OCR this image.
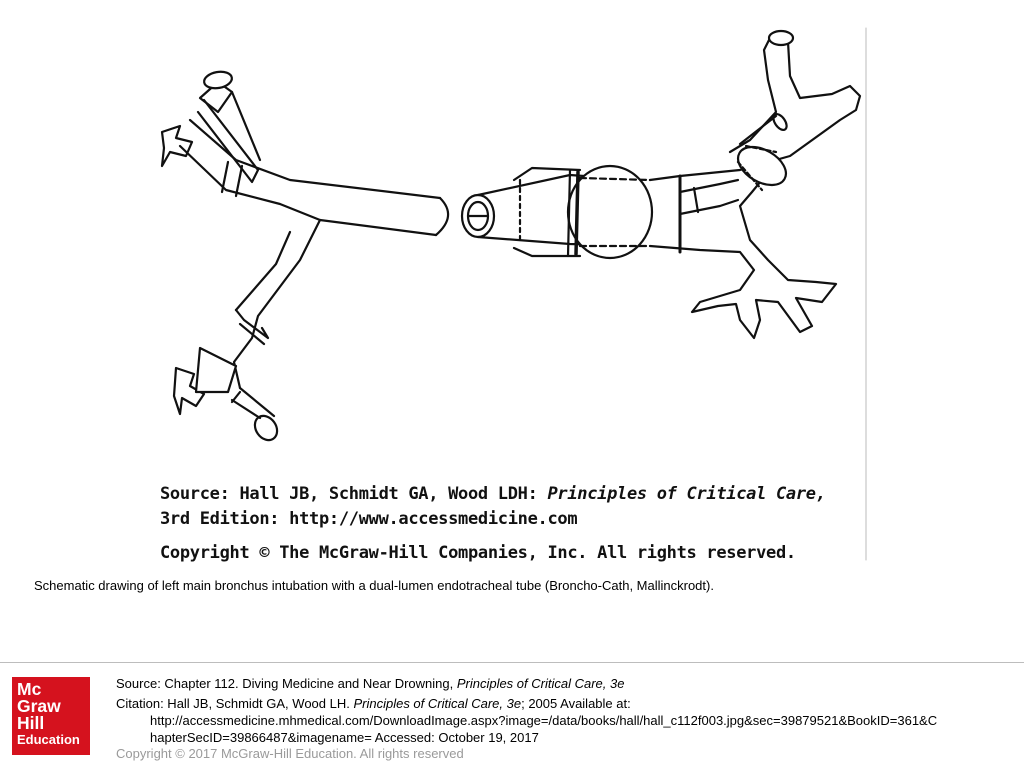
Source: Hall JB, Schmidt GA, Wood LDH: Principles of Critical Care,
3rd Edition: http://www.accessmedicine.com
Copyright © The McGraw-Hill Companies, Inc. All rights reserved.
Schematic drawing of left main bronchus intubation with a dual-lumen endotracheal tube (Broncho-Cath, Mallinckrodt).
Mc
Graw
Hill
Education
Source: Chapter 112. Diving Medicine and Near Drowning, Principles of Critical Care, 3e
Citation: Hall JB, Schmidt GA, Wood LH. Principles of Critical Care, 3e; 2005 Available at:
http://accessmedicine.mhmedical.com/DownloadImage.aspx?image=/data/books/hall/hall_c112f003.jpg&sec=39879521&BookID=361&C
hapterSecID=39866487&imagename= Accessed: October 19, 2017
Copyright © 2017 McGraw-Hill Education. All rights reserved
